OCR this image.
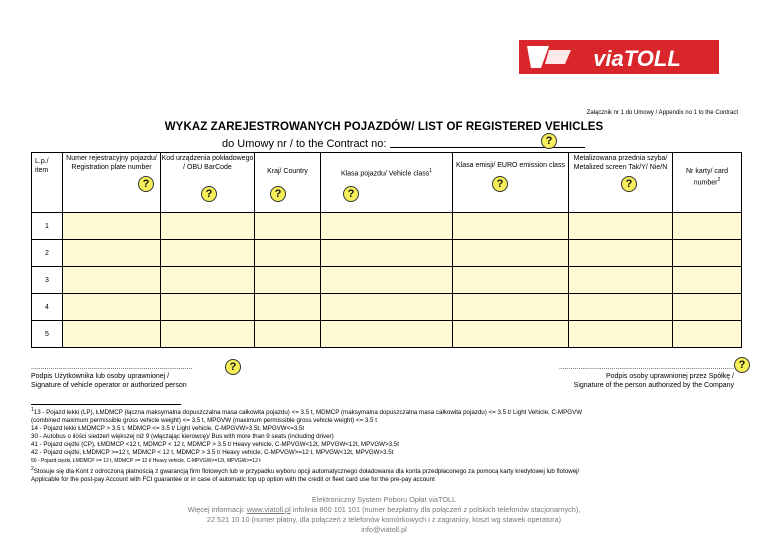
viaTOLL
Załącznik nr 1 do Umowy / Appendix no 1 to the Contract
WYKAZ ZAREJESTROWANYCH POJAZDÓW/ LIST OF REGISTERED VEHICLES
do Umowy nr / to the Contract no:	?
L.p./ item	Numer rejestracyjny pojazdu/ Registration plate number	Kod urządzenia pokładowego / OBU BarCode	Kraj/ Country	Klasa pojazdu/ Vehicle class$^1$	Klasa emisji/ EURO emission class	Metalizowana przednia szyba/ Metalized screen Tak/Y/ Nie/N	Nr karty/ card number$^2$
1							
2							
3							
4							
5							
?
?	?	?
?	?
...................................................................................
Podpis Użytkownika lub osoby uprawnionej /
Signature of vehicle operator or authorized person
?	..........................................................................................
Podpis osoby uprawnionej przez Spółkę /
Signature of the person authorized by the Company
?
$^1$13 - Pojazd lekki (LP), ŁMDMCP (łączna maksymalna dopuszczalna masa całkowita pojazdu) <= 3.5 t, MDMCP (maksymalna dopuszczalna masa całkowita pojazdu) <= 3.5 t/ Light Vehicle, C-MPGVW
(combined maximum permissible gross vehicle weight) <= 3.5 t, MPGVW (maximum permissible gross vehicle weight) <= 3.5 t
14 - Pojazd lekki ŁMDMCP > 3.5 t, MDMCP <= 3.5 t/ Light vehicle, C-MPGVW>3.5t, MPGVW<=3.5t
30 - Autobus o ilości siedzeń większej niż 9 (włączając kierowcę)/ Bus with more than 9 seats (including driver)
41 - Pojazd ciężki (CP), ŁMDMCP <12 t, MDMCP < 12 t, MDMCP > 3.5 t/ Heavy vehicle, C-MPVGW<12t, MPVGW<12t, MPVGW>3.5t
42 - Pojazd ciężki, ŁMDMCP >=12 t, MDMCP < 12 t, MDMCP > 3.5 t/ Heavy vehicle, C-MPVGW>=12 t, MPVGW<12t, MPVGW>3.5t
50 - Pojazd ciężki, ŁMDMCP >= 12 t, MDMCP >= 12 t/ Heavy vehicle, C-MPVGW>=12t, MPVGW>=12 t
$^2$Stosuje się dla Kont z odroczoną płatnością z gwarancją firm flotowych lub w przypadku wyboru opcji automatycznego doładowania dla konta przedpłaconego za pomocą karty kredytowej lub flotowej/
Applicable for the post-pay Account with FCI guarantee or in case of automatic top up option with the credit or fleet card use for the pre-pay account
Elektroniczny System Poboru Opłat viaTOLL
Więcej informacji: www.viatoll.pl infolinia 800 101 101 (numer bezpłatny dla połączeń z polskich telefonów stacjonarnych),
22 521 10 10 (numer płatny, dla połączeń z telefonów komórkowych i z zagranicy, koszt wg stawek operatora)
info@viatoll.pl
